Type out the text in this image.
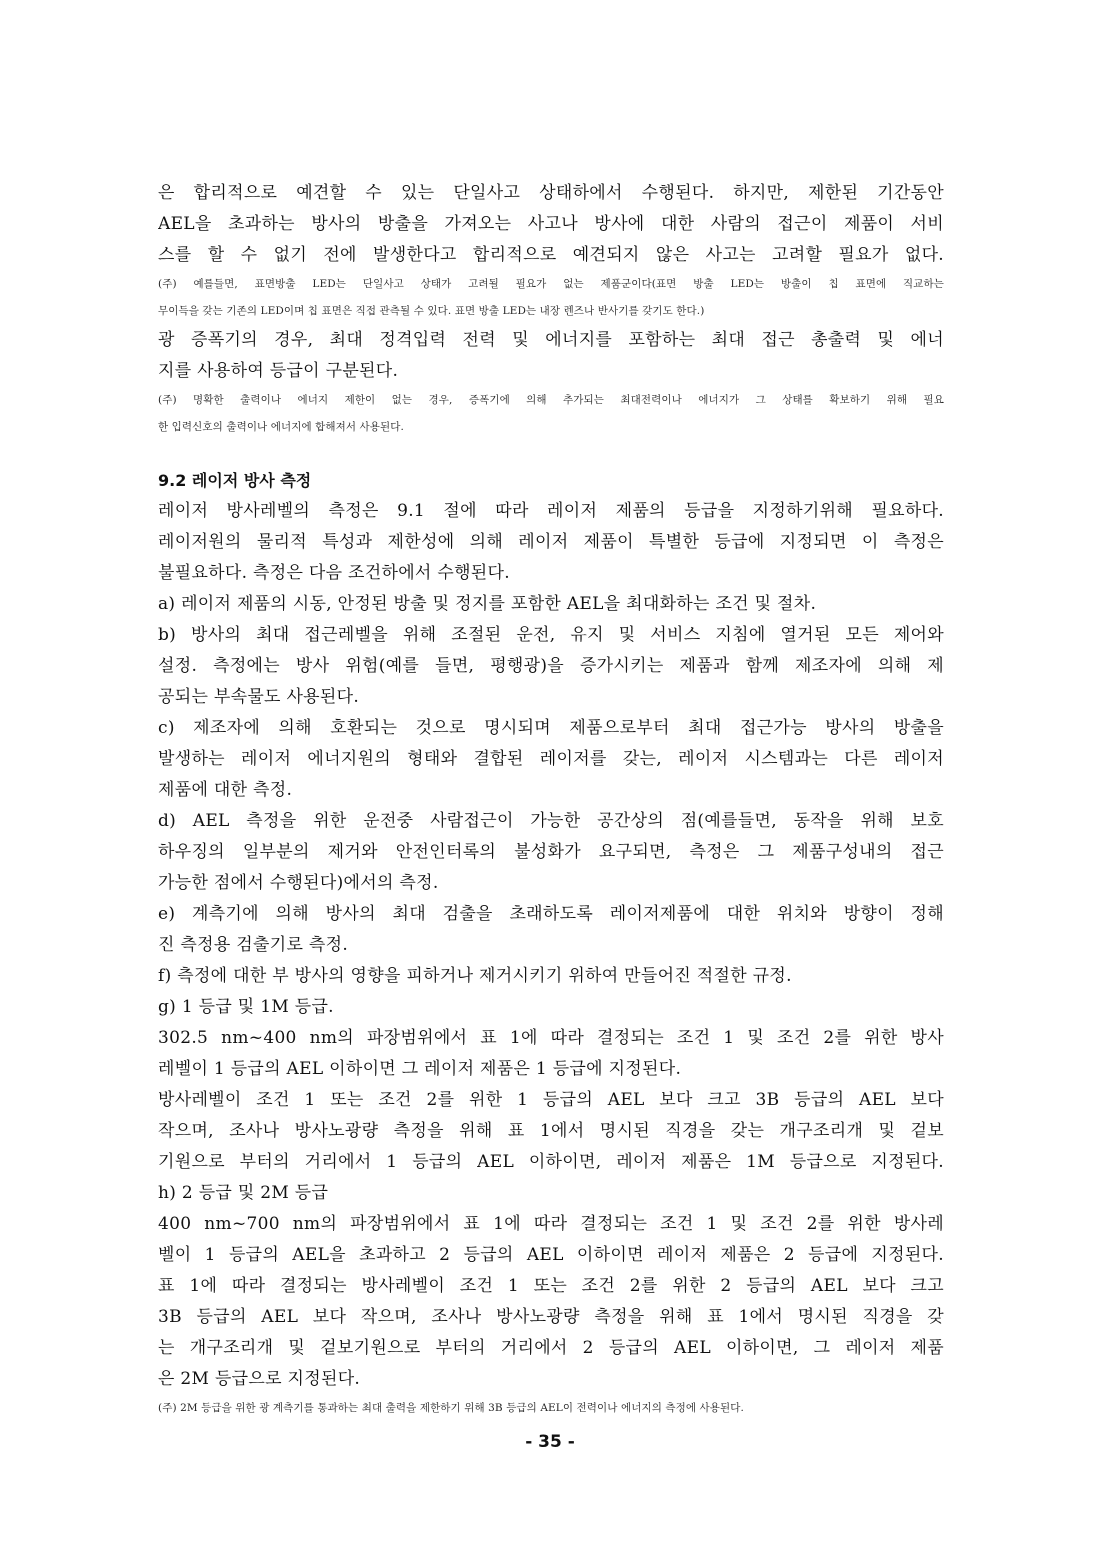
은 합리적으로 예견할 수 있는 단일사고 상태하에서 수행된다. 하지만, 제한된 기간동안
AEL을 초과하는 방사의 방출을 가져오는 사고나 방사에 대한 사람의 접근이 제품이 서비
스를 할 수 없기 전에 발생한다고 합리적으로 예견되지 않은 사고는 고려할 필요가 없다.
(주) 예를들면, 표면방출 LED는 단일사고 상태가 고려될 필요가 없는 제품군이다(표면 방출 LED는 방출이 칩 표면에 직교하는
무이득을 갖는 기존의 LED이며 칩 표면은 직접 관측될 수 있다. 표면 방출 LED는 내장 렌즈나 반사기를 갖기도 한다.)
광 증폭기의 경우, 최대 정격입력 전력 및 에너지를 포함하는 최대 접근 총출력 및 에너
지를 사용하여 등급이 구분된다.
(주) 명확한 출력이나 에너지 제한이 없는 경우, 증폭기에 의해 추가되는 최대전력이나 에너지가 그 상태를 확보하기 위해 필요
한 입력신호의 출력이나 에너지에 합해져서 사용된다.
9.2 레이저 방사 측정
레이저 방사레벨의 측정은 9.1 절에 따라 레이저 제품의 등급을 지정하기위해 필요하다.
레이저원의 물리적 특성과 제한성에 의해 레이저 제품이 특별한 등급에 지정되면 이 측정은
불필요하다. 측정은 다음 조건하에서 수행된다.
a) 레이저 제품의 시동, 안정된 방출 및 정지를 포함한 AEL을 최대화하는 조건 및 절차.
b) 방사의 최대 접근레벨을 위해 조절된 운전, 유지 및 서비스 지침에 열거된 모든 제어와
설정. 측정에는 방사 위험(예를 들면, 평행광)을 증가시키는 제품과 함께 제조자에 의해 제
공되는 부속물도 사용된다.
c) 제조자에 의해 호환되는 것으로 명시되며 제품으로부터 최대 접근가능 방사의 방출을
발생하는 레이저 에너지원의 형태와 결합된 레이저를 갖는, 레이저 시스템과는 다른 레이저
제품에 대한 측정.
d) AEL 측정을 위한 운전중 사람접근이 가능한 공간상의 점(예를들면, 동작을 위해 보호
하우징의 일부분의 제거와 안전인터록의 불성화가 요구되면, 측정은 그 제품구성내의 접근
가능한 점에서 수행된다)에서의 측정.
e) 계측기에 의해 방사의 최대 검출을 초래하도록 레이저제품에 대한 위치와 방향이 정해
진 측정용 검출기로 측정.
f) 측정에 대한 부 방사의 영향을 피하거나 제거시키기 위하여 만들어진 적절한 규정.
g) 1 등급 및 1M 등급.
302.5 nm~400 nm의 파장범위에서 표 1에 따라 결정되는 조건 1 및 조건 2를 위한 방사
레벨이 1 등급의 AEL 이하이면 그 레이저 제품은 1 등급에 지정된다.
방사레벨이 조건 1 또는 조건 2를 위한 1 등급의 AEL 보다 크고 3B 등급의 AEL 보다
작으며, 조사나 방사노광량 측정을 위해 표 1에서 명시된 직경을 갖는 개구조리개 및 겉보
기원으로 부터의 거리에서 1 등급의 AEL 이하이면, 레이저 제품은 1M 등급으로 지정된다.
h) 2 등급 및 2M 등급
400 nm~700 nm의 파장범위에서 표 1에 따라 결정되는 조건 1 및 조건 2를 위한 방사레
벨이 1 등급의 AEL을 초과하고 2 등급의 AEL 이하이면 레이저 제품은 2 등급에 지정된다.
표 1에 따라 결정되는 방사레벨이 조건 1 또는 조건 2를 위한 2 등급의 AEL 보다 크고
3B 등급의 AEL 보다 작으며, 조사나 방사노광량 측정을 위해 표 1에서 명시된 직경을 갖
는 개구조리개 및 겉보기원으로 부터의 거리에서 2 등급의 AEL 이하이면, 그 레이저 제품
은 2M 등급으로 지정된다.
(주) 2M 등급을 위한 광 계측기를 통과하는 최대 출력을 제한하기 위해 3B 등급의 AEL이 전력이나 에너지의 측정에 사용된다.
- 35 -
